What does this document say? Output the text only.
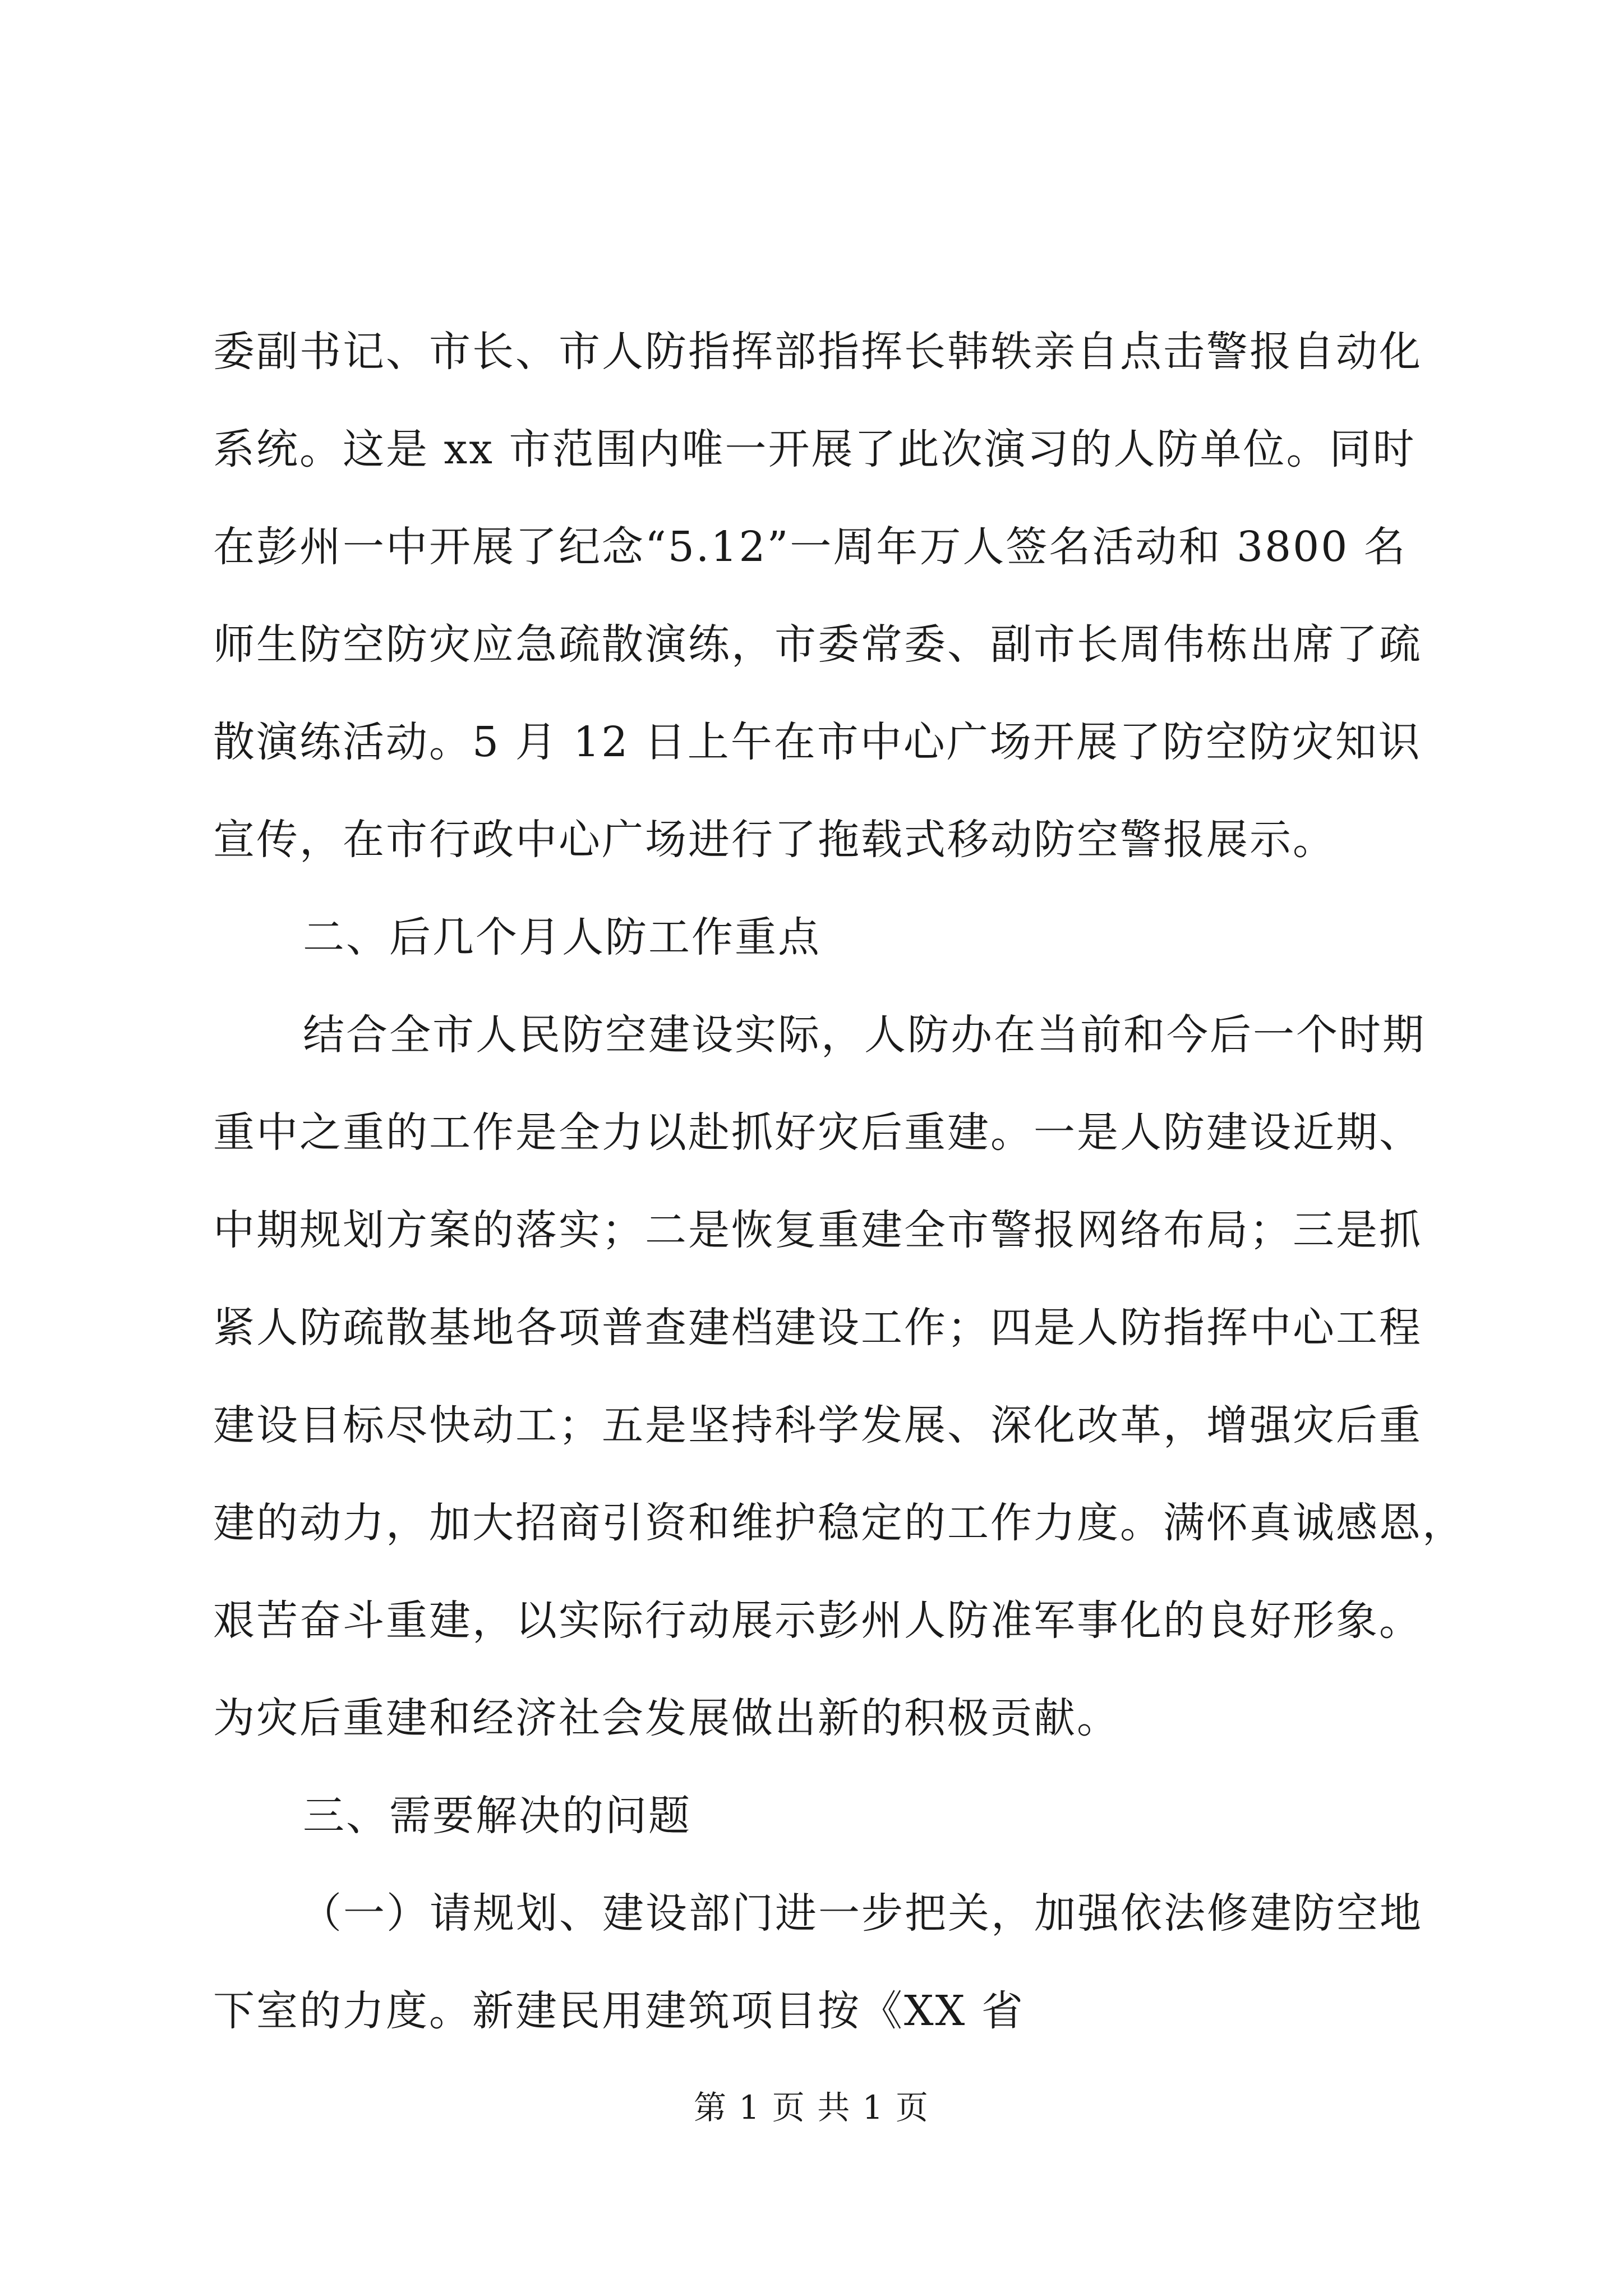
委副书记、市长、市人防指挥部指挥长韩轶亲自点击警报自动化
系统。这是 xx 市范围内唯一开展了此次演习的人防单位。同时
在彭州一中开展了纪念“5.12”一周年万人签名活动和 3800 名
师生防空防灾应急疏散演练，市委常委、副市长周伟栋出席了疏
散演练活动。5 月 12 日上午在市中心广场开展了防空防灾知识
宣传，在市行政中心广场进行了拖载式移动防空警报展示。
二、后几个月人防工作重点
结合全市人民防空建设实际，人防办在当前和今后一个时期
重中之重的工作是全力以赴抓好灾后重建。一是人防建设近期、
中期规划方案的落实；二是恢复重建全市警报网络布局；三是抓
紧人防疏散基地各项普查建档建设工作；四是人防指挥中心工程
建设目标尽快动工；五是坚持科学发展、深化改革，增强灾后重
建的动力，加大招商引资和维护稳定的工作力度。满怀真诚感恩，
艰苦奋斗重建，以实际行动展示彭州人防准军事化的良好形象。
为灾后重建和经济社会发展做出新的积极贡献。
三、需要解决的问题
（一）请规划、建设部门进一步把关，加强依法修建防空地
下室的力度。新建民用建筑项目按《XX 省
第 1 页 共 1 页
